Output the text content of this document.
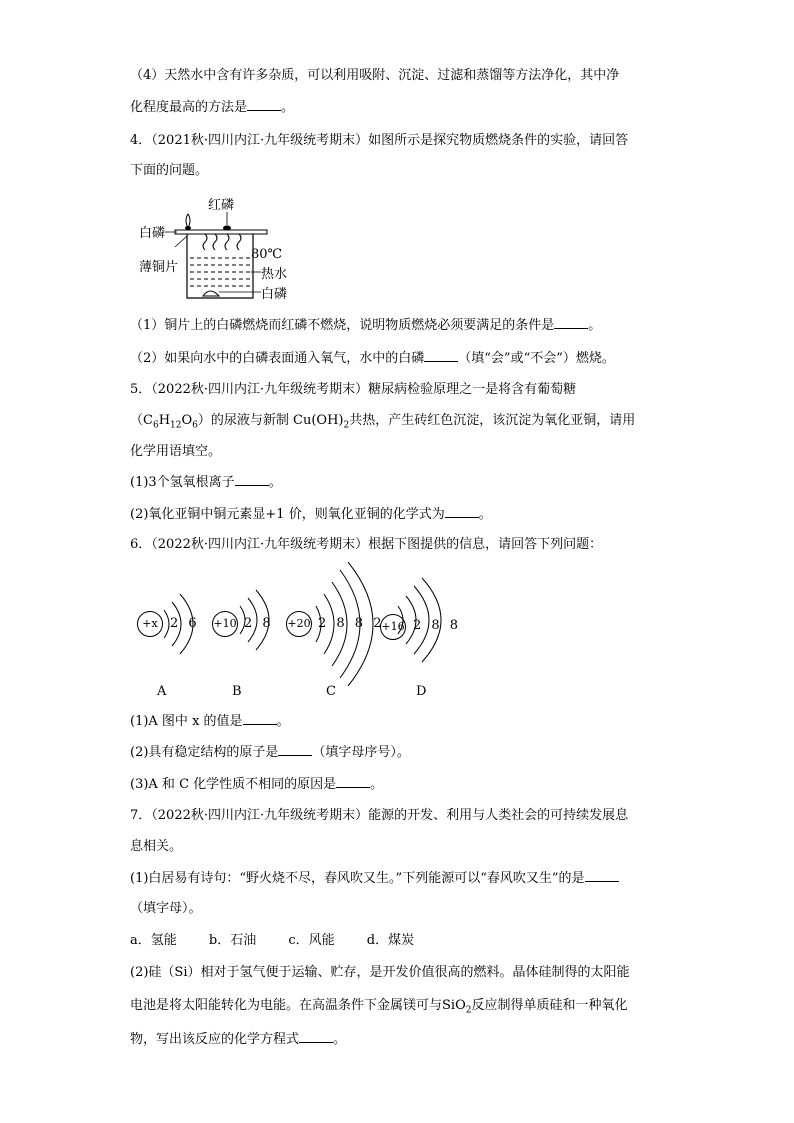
（4）天然水中含有许多杂质，可以利用吸附、沉淀、过滤和蒸馏等方法净化，其中净
化程度最高的方法是	。
4．（2021秋·四川内江·九年级统考期末）如图所示是探究物质燃烧条件的实验，请回答
下面的问题。
红磷
白磷
薄铜片
80℃
热水
白磷
（1）铜片上的白磷燃烧而红磷不燃烧，说明物质燃烧必须要满足的条件是	。
（2）如果向水中的白磷表面通入氧气，水中的白磷	（填“会”或“不会”）燃烧。
5．（2022秋·四川内江·九年级统考期末）糖尿病检验原理之一是将含有葡萄糖
$(C_6H_{12}O_6)$的尿液与新制 $Cu(OH)_2$共热，产生砖红色沉淀，该沉淀为氧化亚铜，请用
化学用语填空。
(1)3个氢氧根离子	。
(2)氧化亚铜中铜元素显+1 价，则氧化亚铜的化学式为	。
6．（2022秋·四川内江·九年级统考期末）根据下图提供的信息，请回答下列问题：
+x 2 6 +10 2 8 +20 2 8 8 2
+16 2 8 8
A	B	C	D
(1)A 图中 x 的值是	。
(2)具有稳定结构的原子是	（填字母序号）。
(3)A 和 C 化学性质不相同的原因是	。
7．（2022秋·四川内江·九年级统考期末）能源的开发、利用与人类社会的可持续发展息
息相关。
(1)白居易有诗句：“野火烧不尽，春风吹又生。”下列能源可以“春风吹又生”的是
（填字母）。
a．氢能 b．石油 c．风能 d．煤炭
(2)硅（Si）相对于氢气便于运输、贮存，是开发价值很高的燃料。晶体硅制得的太阳能
电池是将太阳能转化为电能。在高温条件下金属镁可与SiO$_2$反应制得单质硅和一种氧化
物，写出该反应的化学方程式	。
